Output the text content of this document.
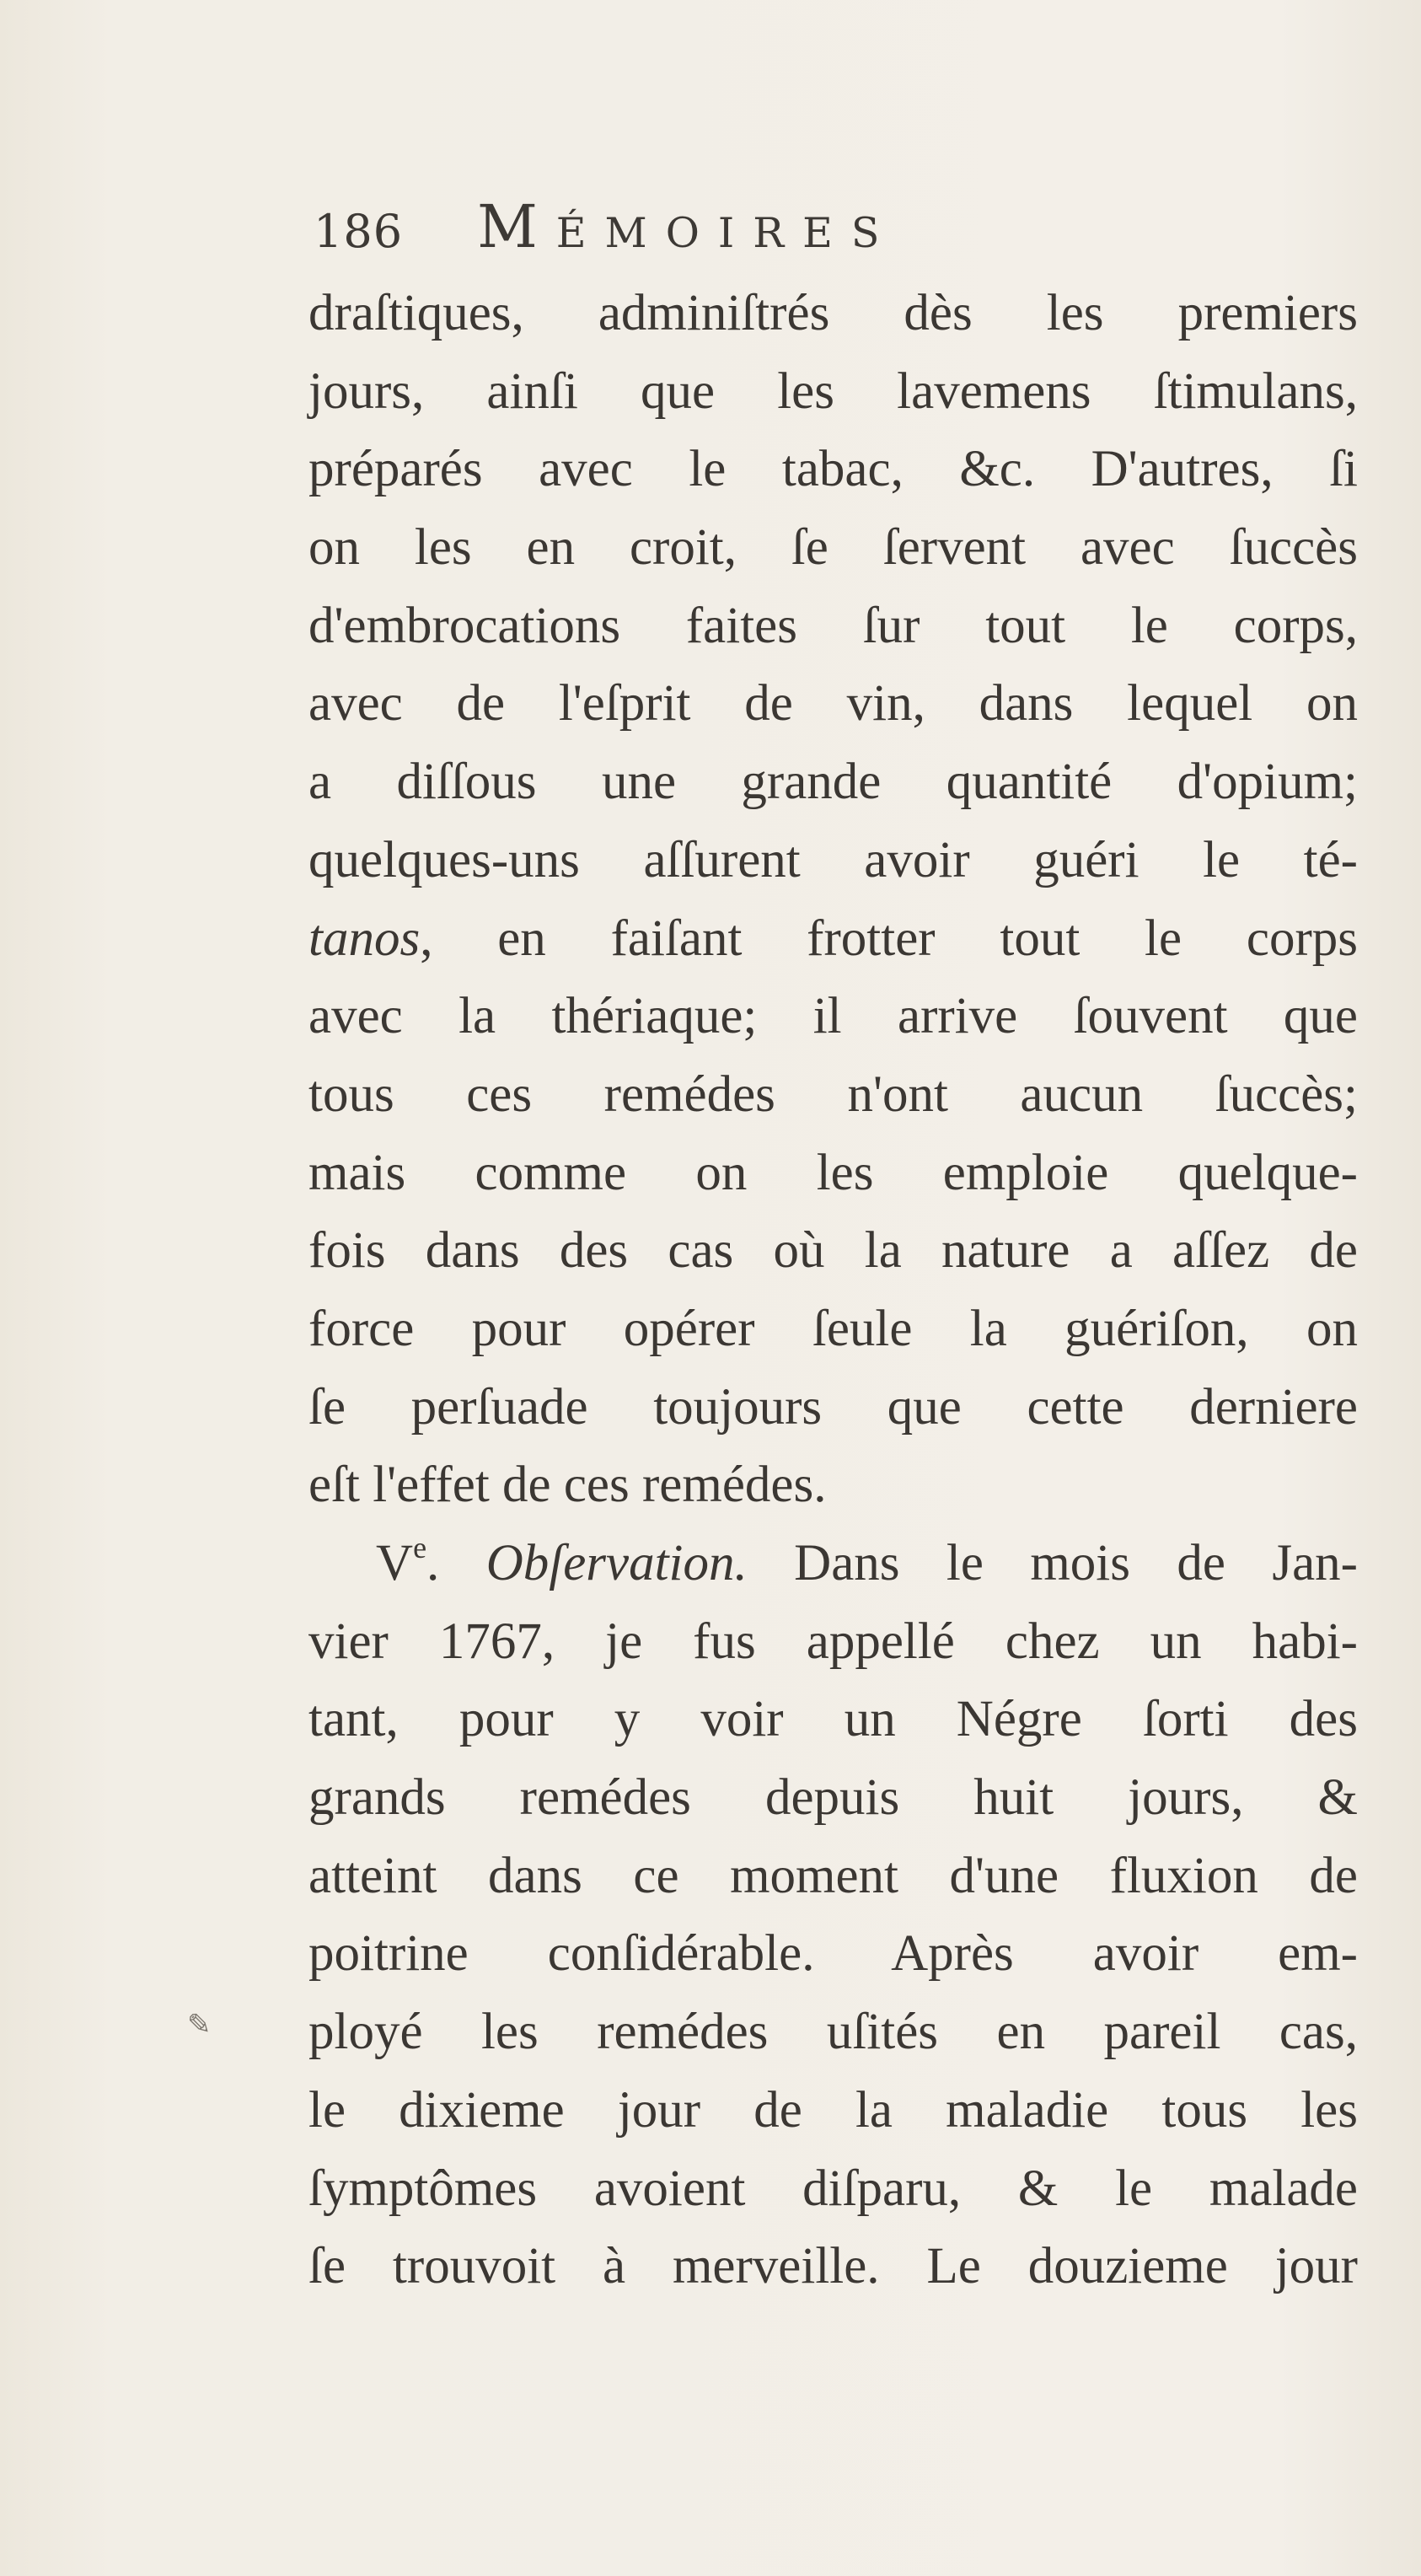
186 Mémoires
draſtiques, adminiſtrés dès les premiers
jours, ainſi que les lavemens ſtimulans,
préparés avec le tabac, &c. D'autres, ſi
on les en croit, ſe ſervent avec ſuccès
d'embrocations faites ſur tout le corps,
avec de l'eſprit de vin, dans lequel on
a diſſous une grande quantité d'opium;
quelques-uns aſſurent avoir guéri le té-
tanos, en faiſant frotter tout le corps
avec la thériaque; il arrive ſouvent que
tous ces remédes n'ont aucun ſuccès;
mais comme on les emploie quelque-
fois dans des cas où la nature a aſſez de
force pour opérer ſeule la guériſon, on
ſe perſuade toujours que cette derniere
eſt l'effet de ces remédes.
Ve. Obſervation. Dans le mois de Jan-
vier 1767, je fus appellé chez un habi-
tant, pour y voir un Négre ſorti des
grands remédes depuis huit jours, &
atteint dans ce moment d'une fluxion de
poitrine conſidérable. Après avoir em-
ployé les remédes uſités en pareil cas,
le dixieme jour de la maladie tous les
ſymptômes avoient diſparu, & le malade
ſe trouvoit à merveille. Le douzieme jour
✎
